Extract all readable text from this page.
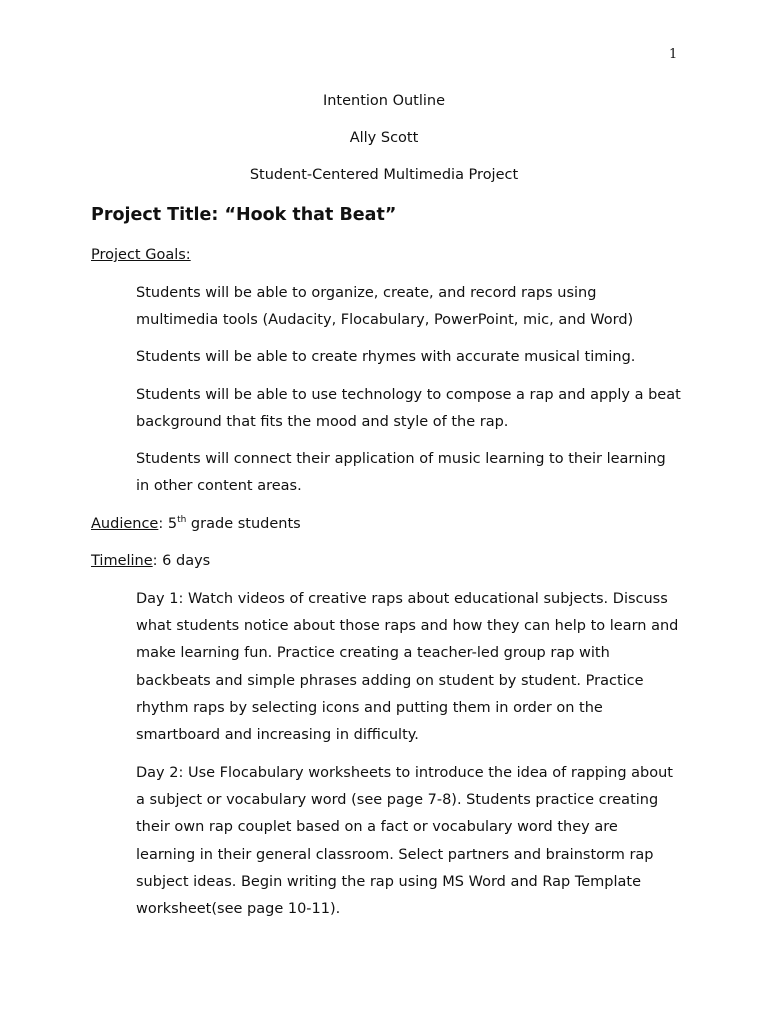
1
Intention Outline
Ally Scott
Student-Centered Multimedia Project
Project Title: “Hook that Beat”
Project Goals:
Students will be able to organize, create, and record raps using multimedia tools (Audacity, Flocabulary, PowerPoint, mic, and Word)
Students will be able to create rhymes with accurate musical timing.
Students will be able to use technology to compose a rap and apply a beat background that fits the mood and style of the rap.
Students will connect their application of music learning to their learning in other content areas.
Audience: 5th grade students
Timeline: 6 days
Day 1: Watch videos of creative raps about educational subjects. Discuss what students notice about those raps and how they can help to learn and make learning fun. Practice creating a teacher-led group rap with backbeats and simple phrases adding on student by student. Practice rhythm raps by selecting icons and putting them in order on the smartboard and increasing in difficulty.
Day 2: Use Flocabulary worksheets to introduce the idea of rapping about a subject or vocabulary word (see page 7-8). Students practice creating their own rap couplet based on a fact or vocabulary word they are learning in their general classroom. Select partners and brainstorm rap subject ideas. Begin writing the rap using MS Word and Rap Template worksheet(see page 10-11).
